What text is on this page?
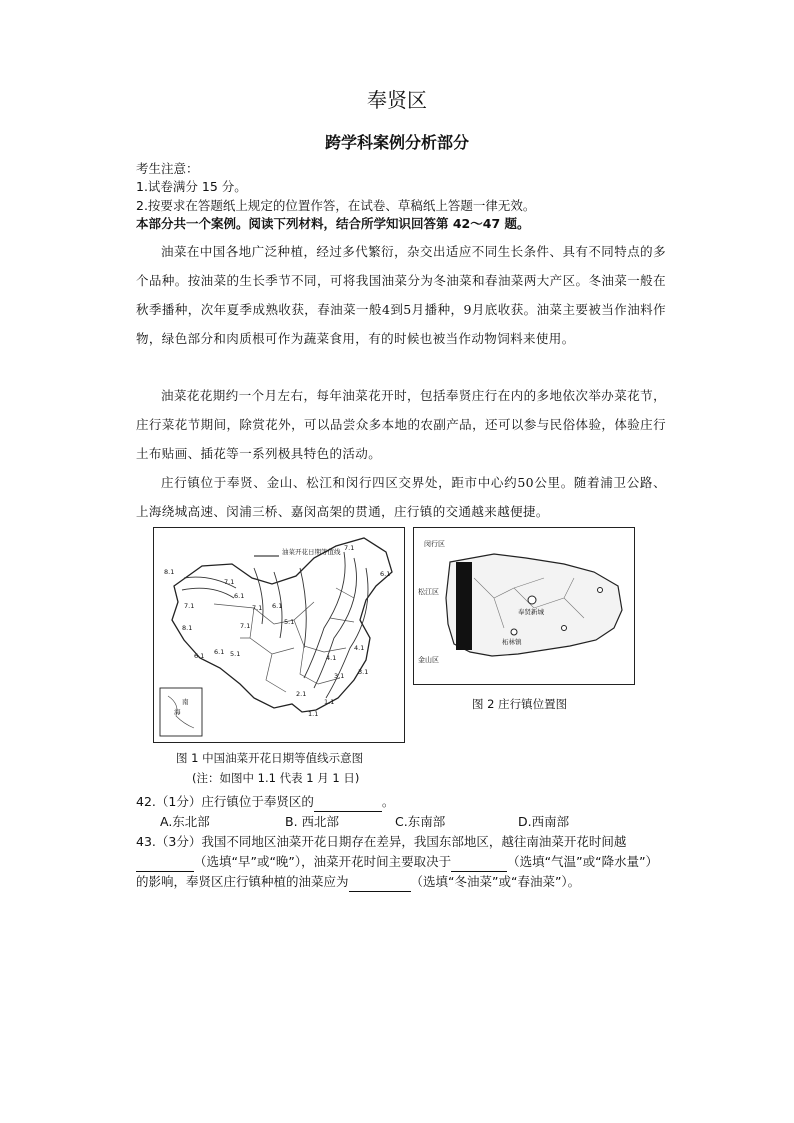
奉贤区
跨学科案例分析部分
考生注意：
1.试卷满分 15 分。
2.按要求在答题纸上规定的位置作答，在试卷、草稿纸上答题一律无效。
本部分共一个案例。阅读下列材料，结合所学知识回答第 42～47 题。
油菜在中国各地广泛种植，经过多代繁衍，杂交出适应不同生长条件、具有不同特点的多个品种。按油菜的生长季节不同，可将我国油菜分为冬油菜和春油菜两大产区。冬油菜一般在秋季播种，次年夏季成熟收获，春油菜一般4到5月播种，9月底收获。油菜主要被当作油料作物，绿色部分和肉质根可作为蔬菜食用，有的时候也被当作动物饲料来使用。
油菜花花期约一个月左右，每年油菜花开时，包括奉贤庄行在内的多地依次举办菜花节，庄行菜花节期间，除赏花外，可以品尝众多本地的农副产品，还可以参与民俗体验，体验庄行土布贴画、插花等一系列极具特色的活动。
庄行镇位于奉贤、金山、松江和闵行四区交界处，距市中心约50公里。随着浦卫公路、上海绕城高速、闵浦三桥、嘉闵高架的贯通，庄行镇的交通越来越便捷。
油菜开花日期等值线
8.1
7.1
6.1
7.1	7.1 6.1
5.1
7.1
6.1 5.1
4.1
3.1
2.1
1.1
1.1
4.1
3.1
8.1
6.1
7.1
6.1
南
海
图 1 中国油菜开花日期等值线示意图
(注：如图中 1.1 代表 1 月 1 日)
闵行区
松江区
金山区
奉贤新城
柘林镇
图 2 庄行镇位置图
42.（1分）庄行镇位于奉贤区的	。
A.东北部	B. 西北部	C.东南部	D.西南部
43.（3分）我国不同地区油菜开花日期存在差异，我国东部地区，越往南油菜开花时间越（选填“早”或“晚”），油菜开花时间主要取决于	（选填“气温”或“降水量”）的影响，奉贤区庄行镇种植的油菜应为	（选填“冬油菜”或“春油菜”）。
